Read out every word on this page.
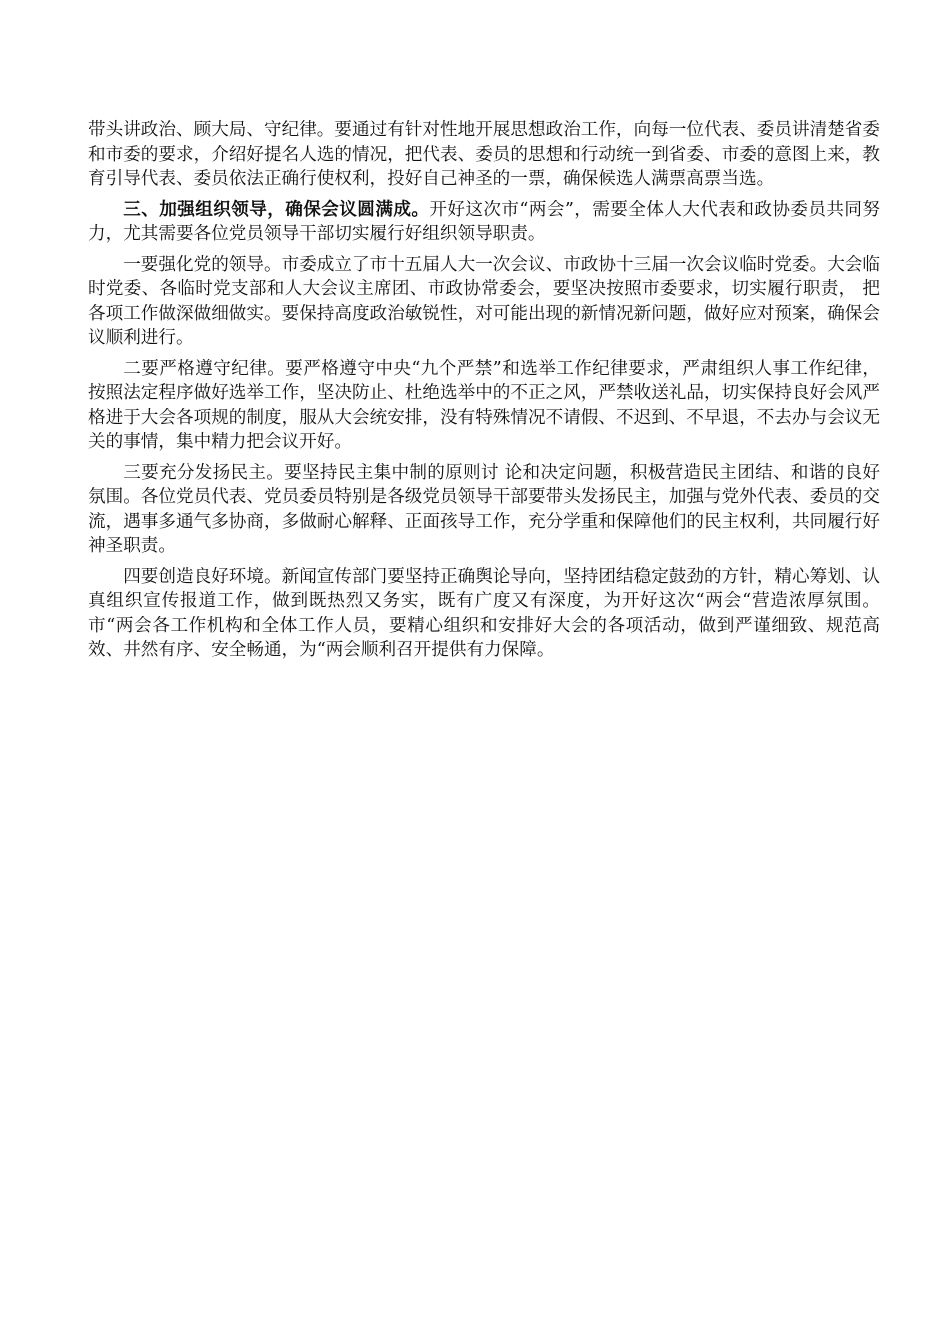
带头讲政治、顾大局、守纪律。要通过有针对性地开展思想政治工作，向每一位代表、委员讲清楚省委和市委的要求，介绍好提名人选的情况，把代表、委员的思想和行动统一到省委、市委的意图上来，教育引导代表、委员依法正确行使权利，投好自己神圣的一票，确保候选人满票高票当选。

三、加强组织领导，确保会议圆满成。开好这次市“两会”，需要全体人大代表和政协委员共同努力，尤其需要各位党员领导干部切实履行好组织领导职责。

一要强化党的领导。市委成立了市十五届人大一次会议、市政协十三届一次会议临时党委。大会临时党委、各临时党支部和人大会议主席团、市政协常委会，要坚决按照市委要求，切实履行职责， 把各项工作做深做细做实。要保持高度政治敏锐性，对可能出现的新情况新问题，做好应对预案，确保会议顺利进行。

二要严格遵守纪律。要严格遵守中央“九个严禁”和选举工作纪律要求，严肃组织人事工作纪律，按照法定程序做好选举工作，坚决防止、杜绝选举中的不正之风，严禁收送礼品，切实保持良好会风严格进于大会各项规的制度，服从大会统安排，没有特殊情况不请假、不迟到、不早退，不去办与会议无关的事情，集中精力把会议开好。

三要充分发扬民主。要坚持民主集中制的原则讨 论和决定问题，积极营造民主团结、和谐的良好氛围。各位党员代表、党员委员特别是各级党员领导干部要带头发扬民主，加强与党外代表、委员的交流，遇事多通气多协商，多做耐心解释、正面孩导工作，充分学重和保障他们的民主权利，共同履行好神圣职责。

四要创造良好环境。新闻宣传部门要坚持正确舆论导向，坚持团结稳定鼓劲的方针，精心筹划、认真组织宣传报道工作，做到既热烈又务实，既有广度又有深度，为开好这次“两会“营造浓厚氛围。市“两会各工作机构和全体工作人员，要精心组织和安排好大会的各项活动，做到严谨细致、规范高效、井然有序、安全畅通，为“两会顺利召开提供有力保障。
